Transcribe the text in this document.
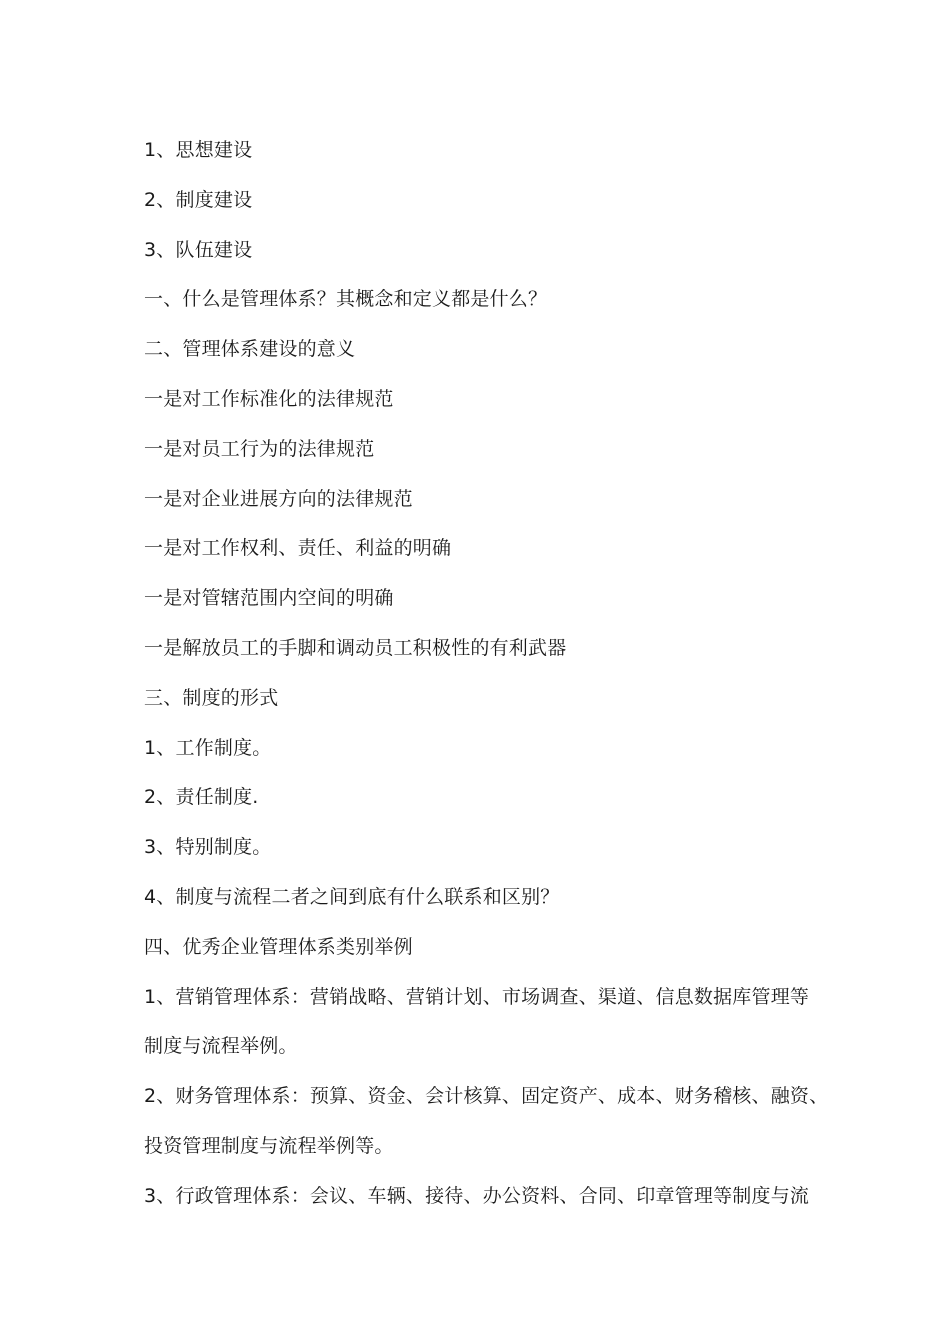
1、思想建设
2、制度建设
3、队伍建设
一、什么是管理体系？其概念和定义都是什么？
二、管理体系建设的意义
一是对工作标准化的法律规范
一是对员工行为的法律规范
一是对企业进展方向的法律规范
一是对工作权利、责任、利益的明确
一是对管辖范围内空间的明确
一是解放员工的手脚和调动员工积极性的有利武器
三、制度的形式
1、工作制度。
2、责任制度.
3、特别制度。
4、制度与流程二者之间到底有什么联系和区别？
四、优秀企业管理体系类别举例
1、营销管理体系：营销战略、营销计划、市场调查、渠道、信息数据库管理等
制度与流程举例。
2、财务管理体系：预算、资金、会计核算、固定资产、成本、财务稽核、融资、
投资管理制度与流程举例等。
3、行政管理体系：会议、车辆、接待、办公资料、合同、印章管理等制度与流
